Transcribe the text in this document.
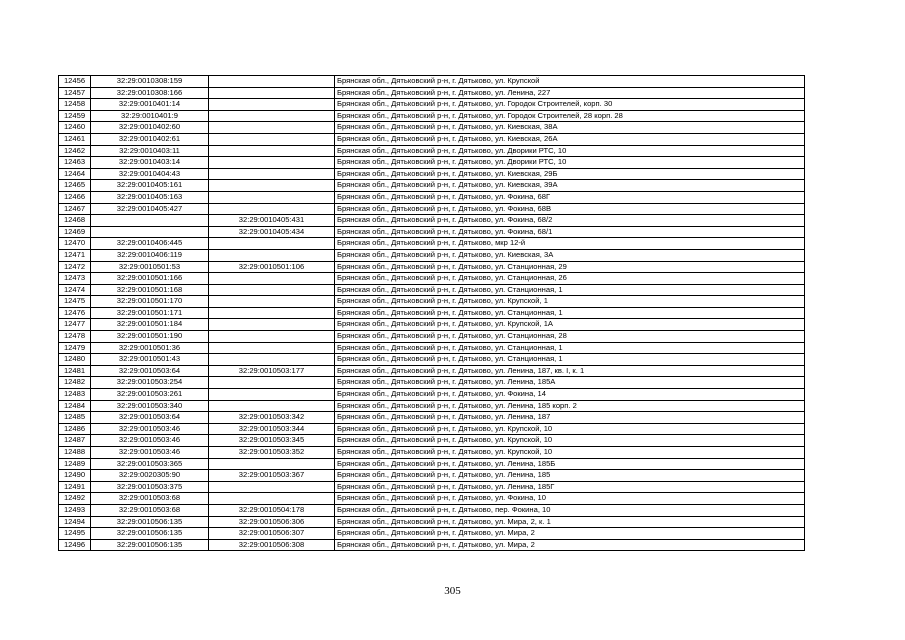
12456	32:29:0010308:159		Брянская обл., Дятьковский р-н, г. Дятьково, ул. Крупской
12457	32:29:0010308:166		Брянская обл., Дятьковский р-н, г. Дятьково, ул. Ленина, 227
12458	32:29:0010401:14		Брянская обл., Дятьковский р-н, г. Дятьково, ул. Городок Строителей, корп. 30
12459	32:29:0010401:9		Брянская обл., Дятьковский р-н, г. Дятьково, ул. Городок Строителей, 28 корп. 28
12460	32:29:0010402:60		Брянская обл., Дятьковский р-н, г. Дятьково, ул. Киевская, 38А
12461	32:29:0010402:61		Брянская обл., Дятьковский р-н, г. Дятьково, ул. Киевская, 26А
12462	32:29:0010403:11		Брянская обл., Дятьковский р-н, г. Дятьково, ул. Дворики РТС, 10
12463	32:29:0010403:14		Брянская обл., Дятьковский р-н, г. Дятьково, ул. Дворики РТС, 10
12464	32:29:0010404:43		Брянская обл., Дятьковский р-н, г. Дятьково, ул. Киевская, 29Б
12465	32:29:0010405:161		Брянская обл., Дятьковский р-н, г. Дятьково, ул. Киевская, 39А
12466	32:29:0010405:163		Брянская обл., Дятьковский р-н, г. Дятьково, ул. Фокина, 68Г
12467	32:29:0010405:427		Брянская обл., Дятьковский р-н, г. Дятьково, ул. Фокина, 68В
12468		32:29:0010405:431	Брянская обл., Дятьковский р-н, г. Дятьково, ул. Фокина, 68/2
12469		32:29:0010405:434	Брянская обл., Дятьковский р-н, г. Дятьково, ул. Фокина, 68/1
12470	32:29:0010406:445		Брянская обл., Дятьковский р-н, г. Дятьково, мкр 12-й
12471	32:29:0010406:119		Брянская обл., Дятьковский р-н, г. Дятьково, ул. Киевская, 3А
12472	32:29:0010501:53	32:29:0010501:106	Брянская обл., Дятьковский р-н, г. Дятьково, ул. Станционная, 29
12473	32:29:0010501:166		Брянская обл., Дятьковский р-н, г. Дятьково, ул. Станционная, 26
12474	32:29:0010501:168		Брянская обл., Дятьковский р-н, г. Дятьково, ул. Станционная, 1
12475	32:29:0010501:170		Брянская обл., Дятьковский р-н, г. Дятьково, ул. Крупской, 1
12476	32:29:0010501:171		Брянская обл., Дятьковский р-н, г. Дятьково, ул. Станционная, 1
12477	32:29:0010501:184		Брянская обл., Дятьковский р-н, г. Дятьково, ул. Крупской, 1А
12478	32:29:0010501:190		Брянская обл., Дятьковский р-н, г. Дятьково, ул. Станционная, 28
12479	32:29:0010501:36		Брянская обл., Дятьковский р-н, г. Дятьково, ул. Станционная, 1
12480	32:29:0010501:43		Брянская обл., Дятьковский р-н, г. Дятьково, ул. Станционная, 1
12481	32:29:0010503:64	32:29:0010503:177	Брянская обл., Дятьковский р-н, г. Дятьково, ул. Ленина, 187, кв. I, к. 1
12482	32:29:0010503:254		Брянская обл., Дятьковский р-н, г. Дятьково, ул. Ленина, 185А
12483	32:29:0010503:261		Брянская обл., Дятьковский р-н, г. Дятьково, ул. Фокина, 14
12484	32:29:0010503:340		Брянская обл., Дятьковский р-н, г. Дятьково, ул. Ленина, 185 корп. 2
12485	32:29:0010503:64	32:29:0010503:342	Брянская обл., Дятьковский р-н, г. Дятьково, ул. Ленина, 187
12486	32:29:0010503:46	32:29:0010503:344	Брянская обл., Дятьковский р-н, г. Дятьково, ул. Крупской, 10
12487	32:29:0010503:46	32:29:0010503:345	Брянская обл., Дятьковский р-н, г. Дятьково, ул. Крупской, 10
12488	32:29:0010503:46	32:29:0010503:352	Брянская обл., Дятьковский р-н, г. Дятьково, ул. Крупской, 10
12489	32:29:0010503:365		Брянская обл., Дятьковский р-н, г. Дятьково, ул. Ленина, 185Б
12490	32:29:0020305:90	32:29:0010503:367	Брянская обл., Дятьковский р-н, г. Дятьково, ул. Ленина, 185
12491	32:29:0010503:375		Брянская обл., Дятьковский р-н, г. Дятьково, ул. Ленина, 185Г
12492	32:29:0010503:68		Брянская обл., Дятьковский р-н, г. Дятьково, ул. Фокина, 10
12493	32:29:0010503:68	32:29:0010504:178	Брянская обл., Дятьковский р-н, г. Дятьково, пер. Фокина, 10
12494	32:29:0010506:135	32:29:0010506:306	Брянская обл., Дятьковский р-н, г. Дятьково, ул. Мира, 2, к. 1
12495	32:29:0010506:135	32:29:0010506:307	Брянская обл., Дятьковский р-н, г. Дятьково, ул. Мира, 2
12496	32:29:0010506:135	32:29:0010506:308	Брянская обл., Дятьковский р-н, г. Дятьково, ул. Мира, 2
305
